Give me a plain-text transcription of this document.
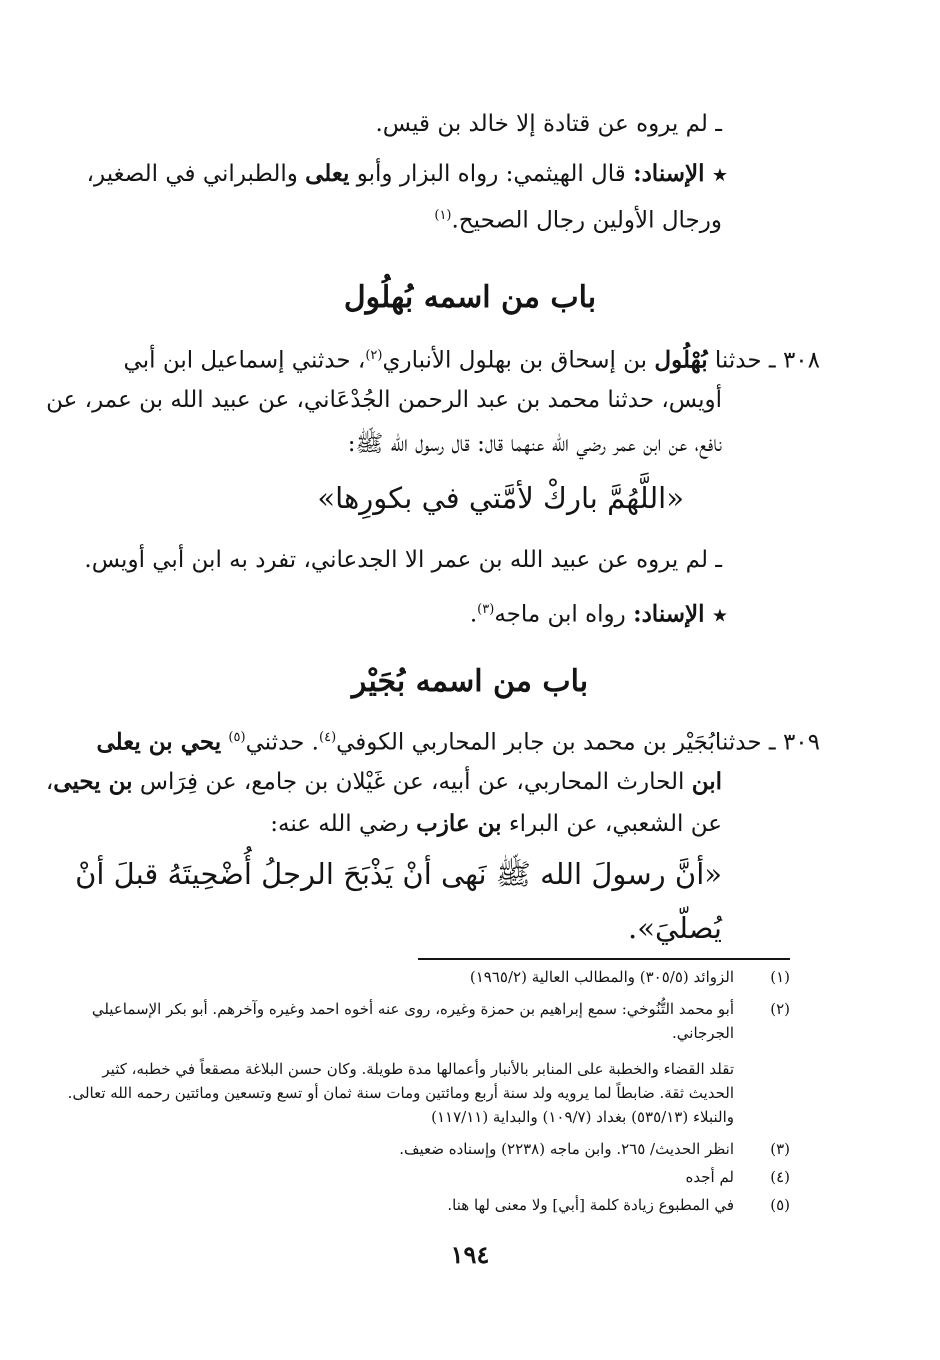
ـ لم يروه عن قتادة إلا خالد بن قيس.
★ الإسناد: قال الهيثمي: رواه البزار وأبو يعلى والطبراني في الصغير،
ورجال الأولين رجال الصحيح.$^{(١)}$
باب من اسمه بُهلُول
٣٠٨ ـ حدثنا بُهْلُول بن إسحاق بن بهلول الأنباري$^{(٢)}$، حدثني إسماعيل ابن أبي
أويس، حدثنا محمد بن عبد الرحمن الجُدْعَاني، عن عبيد الله بن عمر، عن
نافع، عن ابن عمر رضي الله عنهما قال: قال رسول الله ﷺ:
«اللَّهُمَّ باركْ لأمَّتي في بكورِها»
ـ لم يروه عن عبيد الله بن عمر الا الجدعاني، تفرد به ابن أبي أويس.
★ الإسناد: رواه ابن ماجه$^{(٣)}$.
باب من اسمه بُجَيْر
٣٠٩ ـ حدثنابُجَيْر بن محمد بن جابر المحاربي الكوفي$^{(٤)}$. حدثني$^{(٥)}$ يحي بن يعلى
ابن الحارث المحاربي، عن أبيه، عن غَيْلان بن جامع، عن فِرَاس بن يحيى،
عن الشعبي، عن البراء بن عازب رضي الله عنه:
«أنَّ رسولَ الله ﷺ نَهى أنْ يَذْبَحَ الرجلُ أُضْحِيتَهُ قبلَ أنْ
يُصلّيَ».
(١)
الزوائد (٣٠٥/٥) والمطالب العالية (١٩٦٥/٢)
(٢)
أبو محمد التُّنُوخي: سمع إبراهيم بن حمزة وغيره، روى عنه أخوه احمد وغيره وآخرهم. أبو بكر الإسماعيلي
الجرجاني.
تقلد القضاء والخطبة على المنابر بالأنبار وأعمالها مدة طويلة. وكان حسن البلاغة مصقعاً في خطبه، كثير
الحديث ثقة. ضابطاً لما يرويه ولد سنة أربع ومائتين ومات سنة ثمان أو تسع وتسعين ومائتين رحمه الله تعالى.
والنبلاء (٥٣٥/١٣) بغداد (١٠٩/٧) والبداية (١١٧/١١)
(٣)
انظر الحديث/ ٢٦٥. وابن ماجه (٢٢٣٨) وإسناده ضعيف.
(٤)
لم أجده
(٥)
في المطبوع زيادة كلمة [أبي] ولا معنى لها هنا.
١٩٤
